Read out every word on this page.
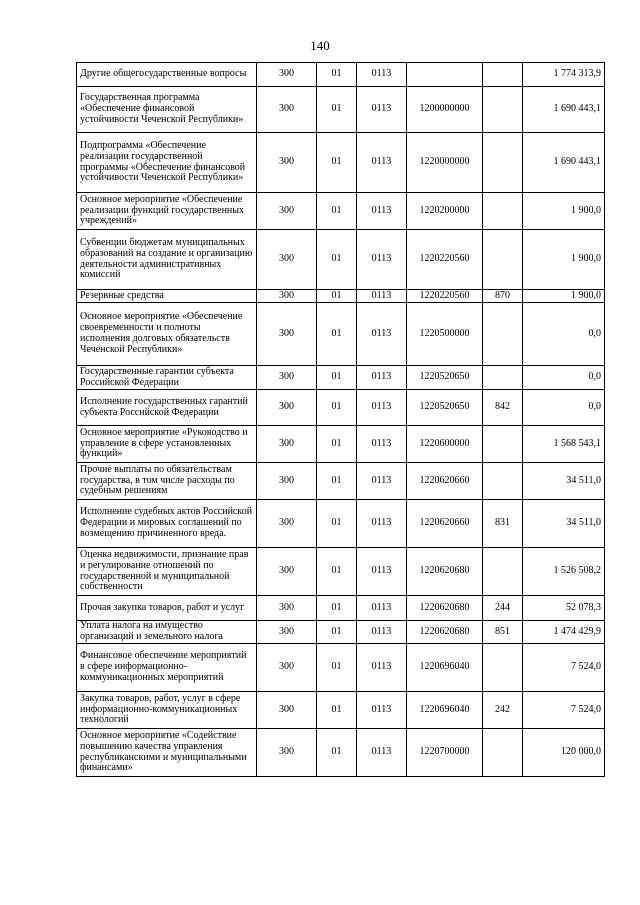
140
Другие общегосударственные вопросы	300	01	0113			1 774 313,9
Государственная программа «Обеспечение финансовой устойчивости Чеченской Республики»	300	01	0113	1200000000		1 690 443,1
Подпрограмма «Обеспечение реализации государственной программы «Обеспечение финансовой устойчивости Чеченской Республики»	300	01	0113	1220000000		1 690 443,1
Основное мероприятие «Обеспечение реализации функций государственных учреждений»	300	01	0113	1220200000		1 900,0
Субвенции бюджетам муниципальных образований на создание и организацию деятельности административных комиссий	300	01	0113	1220220560		1 900,0
Резервные средства	300	01	0113	1220220560	870	1 900,0
Основное мероприятие «Обеспечение своевременности и полноты исполнения долговых обязательств Чеченской Республики»	300	01	0113	1220500000		0,0
Государственные гарантии субъекта Российской Федерации	300	01	0113	1220520650		0,0
Исполнение государственных гарантий субъекта Российской Федерации	300	01	0113	1220520650	842	0,0
Основное мероприятие «Руководство и управление в сфере установленных функций»	300	01	0113	1220600000		1 568 543,1
Прочие выплаты по обязательствам государства, в том числе расходы по судебным решениям	300	01	0113	1220620660		34 511,0
Исполнение судебных актов Российской Федерации и мировых соглашений по возмещению причиненного вреда.	300	01	0113	1220620660	831	34 511,0
Оценка недвижимости, признание прав и регулирование отношений по государственной и муниципальной собственности	300	01	0113	1220620680		1 526 508,2
Прочая закупка товаров, работ и услуг	300	01	0113	1220620680	244	52 078,3
Уплата налога на имущество организаций и земельного налога	300	01	0113	1220620680	851	1 474 429,9
Финансовое обеспечение мероприятий в сфере информационно-коммуникационных мероприятий	300	01	0113	1220696040		7 524,0
Закупка товаров, работ, услуг в сфере информационно-коммуникационных технологий	300	01	0113	1220696040	242	7 524,0
Основное мероприятие «Содействие повышению качества управления республиканскими и муниципальными финансами»	300	01	0113	1220700000		120 000,0
